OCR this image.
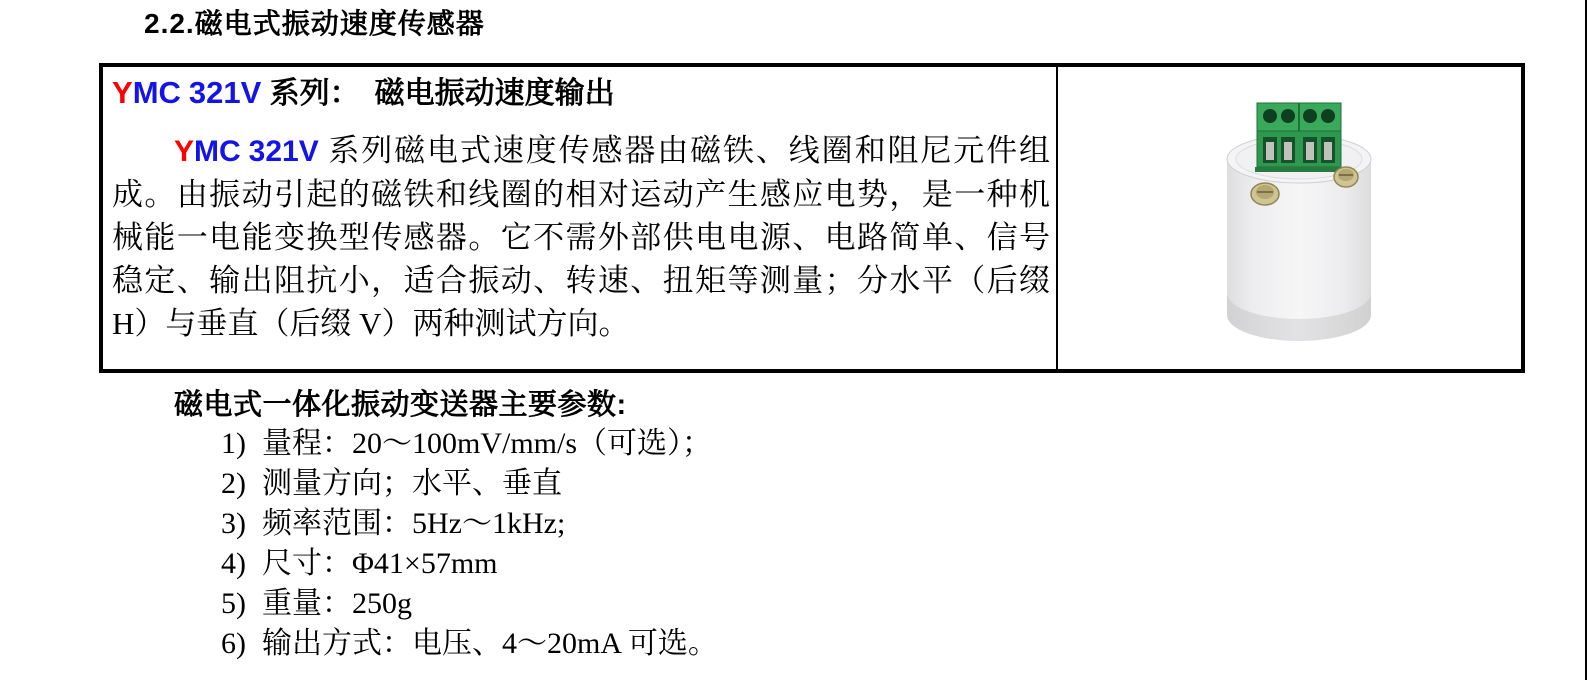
2.2.磁电式振动速度传感器
YMC 321V 系列：　磁电振动速度输出
YMC 321V 系列磁电式速度传感器由磁铁、线圈和阻尼元件组
成。由振动引起的磁铁和线圈的相对运动产生感应电势，是一种机
械能一电能变换型传感器。它不需外部供电电源、电路简单、信号
稳定、输出阻抗小，适合振动、转速、扭矩等测量；分水平（后缀
H）与垂直（后缀 V）两种测试方向。
磁电式一体化振动变送器主要参数:
1) 量程：20～100mV/mm/s（可选）；
2) 测量方向；水平、垂直
3) 频率范围：5Hz～1kHz;
4) 尺寸：Φ41×57mm
5) 重量：250g
6) 输出方式：电压、4～20mA 可选。
